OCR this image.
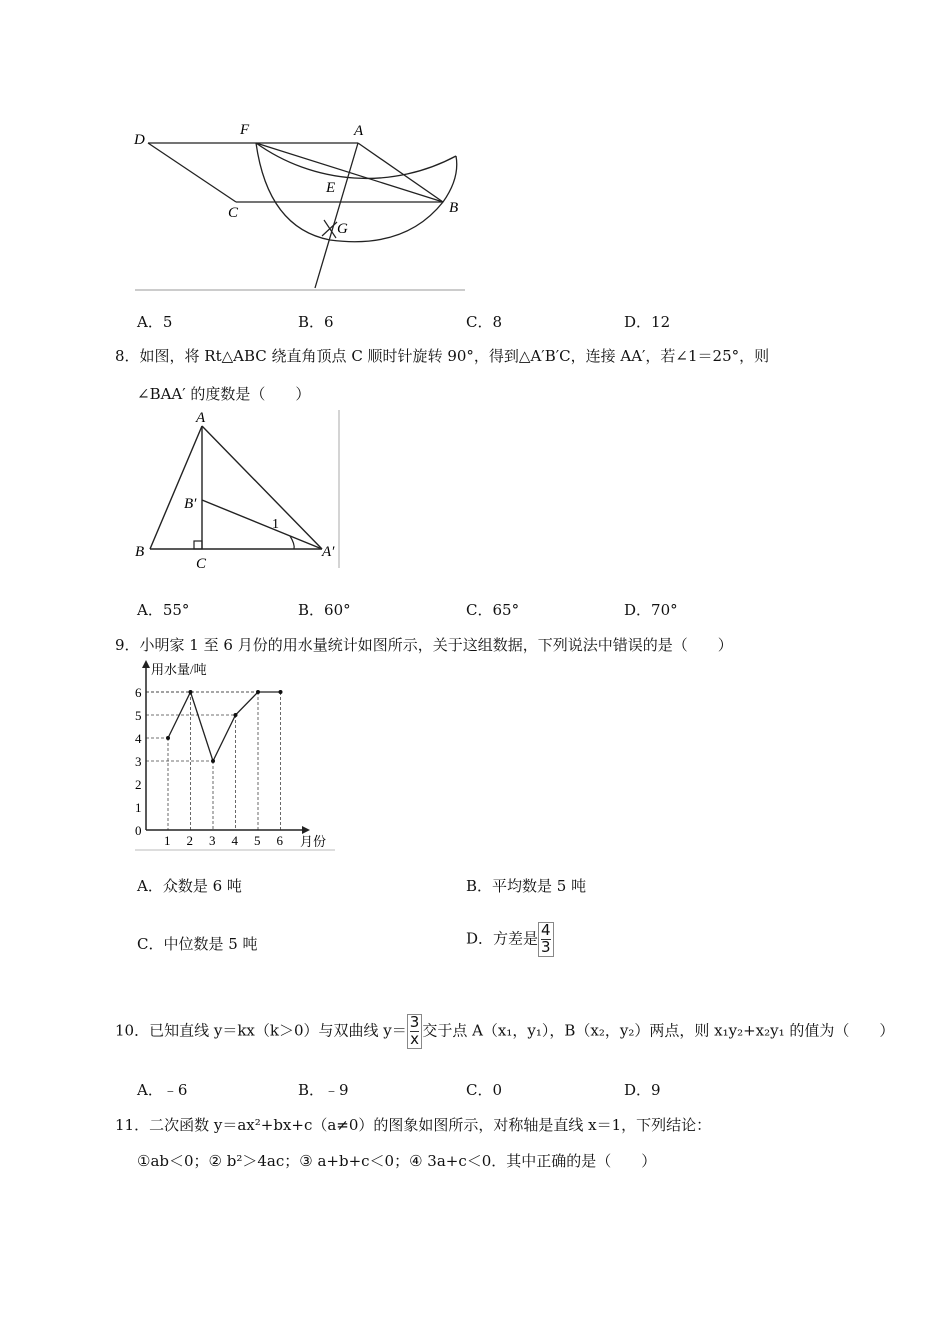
D
F	A
E
C	B
G
A．5	B．6	C．8	D．12
8．如图，将 Rt△ABC 绕直角顶点 C 顺时针旋转 90°，得到△A′B′C，连接 AA′，若∠1＝25°，则
∠BAA′ 的度数是（　　）
A
B′
1
B
C
A′
A．55°	B．60°	C．65°	D．70°
9．小明家 1 至 6 月份的用水量统计如图所示，关于这组数据，下列说法中错误的是（　　）
用水量/吨
月份
0
1
2
3
4
5
6
1 2 3 4 5 6
A．众数是 6 吨	B．平均数是 5 吨
C．中位数是 5 吨	D．方差是 $\frac{4}{3}$
10．已知直线 y＝kx（k＞0）与双曲线 $y= \frac{3}{x}$ 交于点 A（x₁，y₁），B（x₂，y₂）两点，则 x₁y₂+x₂y₁ 的值为（　　）
A．﹣6	B．﹣9	C．0	D．9
11．二次函数 y＝ax²+bx+c（a≠0）的图象如图所示，对称轴是直线 x＝1，下列结论：
①ab＜0；② b²＞4ac；③ a+b+c＜0；④ 3a+c＜0．其中正确的是（　　）
